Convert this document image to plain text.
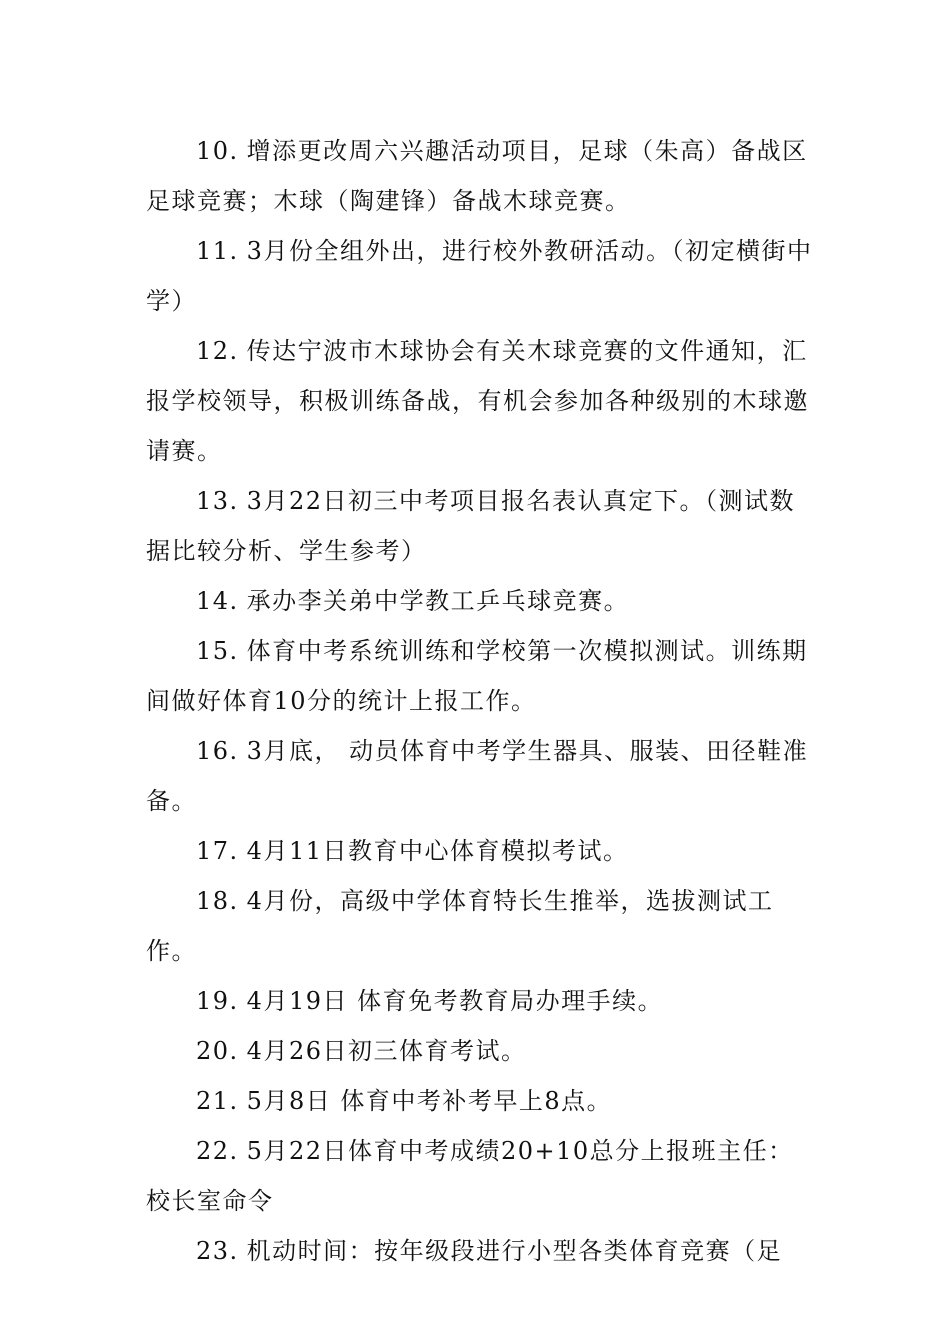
10. 增添更改周六兴趣活动项目，足球（朱高）备战区足球竞赛；木球（陶建锋）备战木球竞赛。

11. 3月份全组外出，进行校外教研活动。（初定横街中学）

12. 传达宁波市木球协会有关木球竞赛的文件通知，汇报学校领导，积极训练备战，有机会参加各种级别的木球邀请赛。

13. 3月22日初三中考项目报名表认真定下。（测试数据比较分析、学生参考）

14. 承办李关弟中学教工乒乓球竞赛。

15. 体育中考系统训练和学校第一次模拟测试。训练期间做好体育10分的统计上报工作。

16. 3月底， 动员体育中考学生器具、服装、田径鞋准备。

17. 4月11日教育中心体育模拟考试。

18. 4月份，高级中学体育特长生推举，选拔测试工作。

19. 4月19日 体育免考教育局办理手续。

20. 4月26日初三体育考试。

21. 5月8日 体育中考补考早上8点。

22. 5月22日体育中考成绩20+10总分上报班主任：校长室命令

23. 机动时间：按年级段进行小型各类体育竞赛（足
